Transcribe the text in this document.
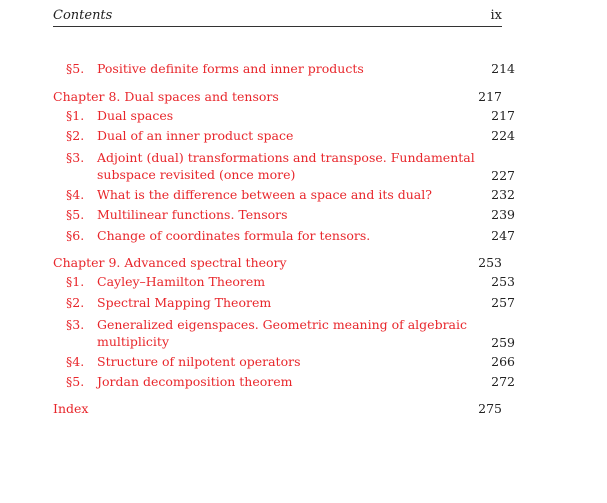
Contents	ix
§5. Positive definite forms and inner products	214
Chapter 8. Dual spaces and tensors	217
§1. Dual spaces	217
§2. Dual of an inner product space	224
§3. Adjoint (dual) transformations and transpose. Fundamental subspace revisited (once more)	227
§4. What is the difference between a space and its dual?	232
§5. Multilinear functions. Tensors	239
§6. Change of coordinates formula for tensors.	247
Chapter 9. Advanced spectral theory	253
§1. Cayley–Hamilton Theorem	253
§2. Spectral Mapping Theorem	257
§3. Generalized eigenspaces. Geometric meaning of algebraic multiplicity	259
§4. Structure of nilpotent operators	266
§5. Jordan decomposition theorem	272
Index	275
